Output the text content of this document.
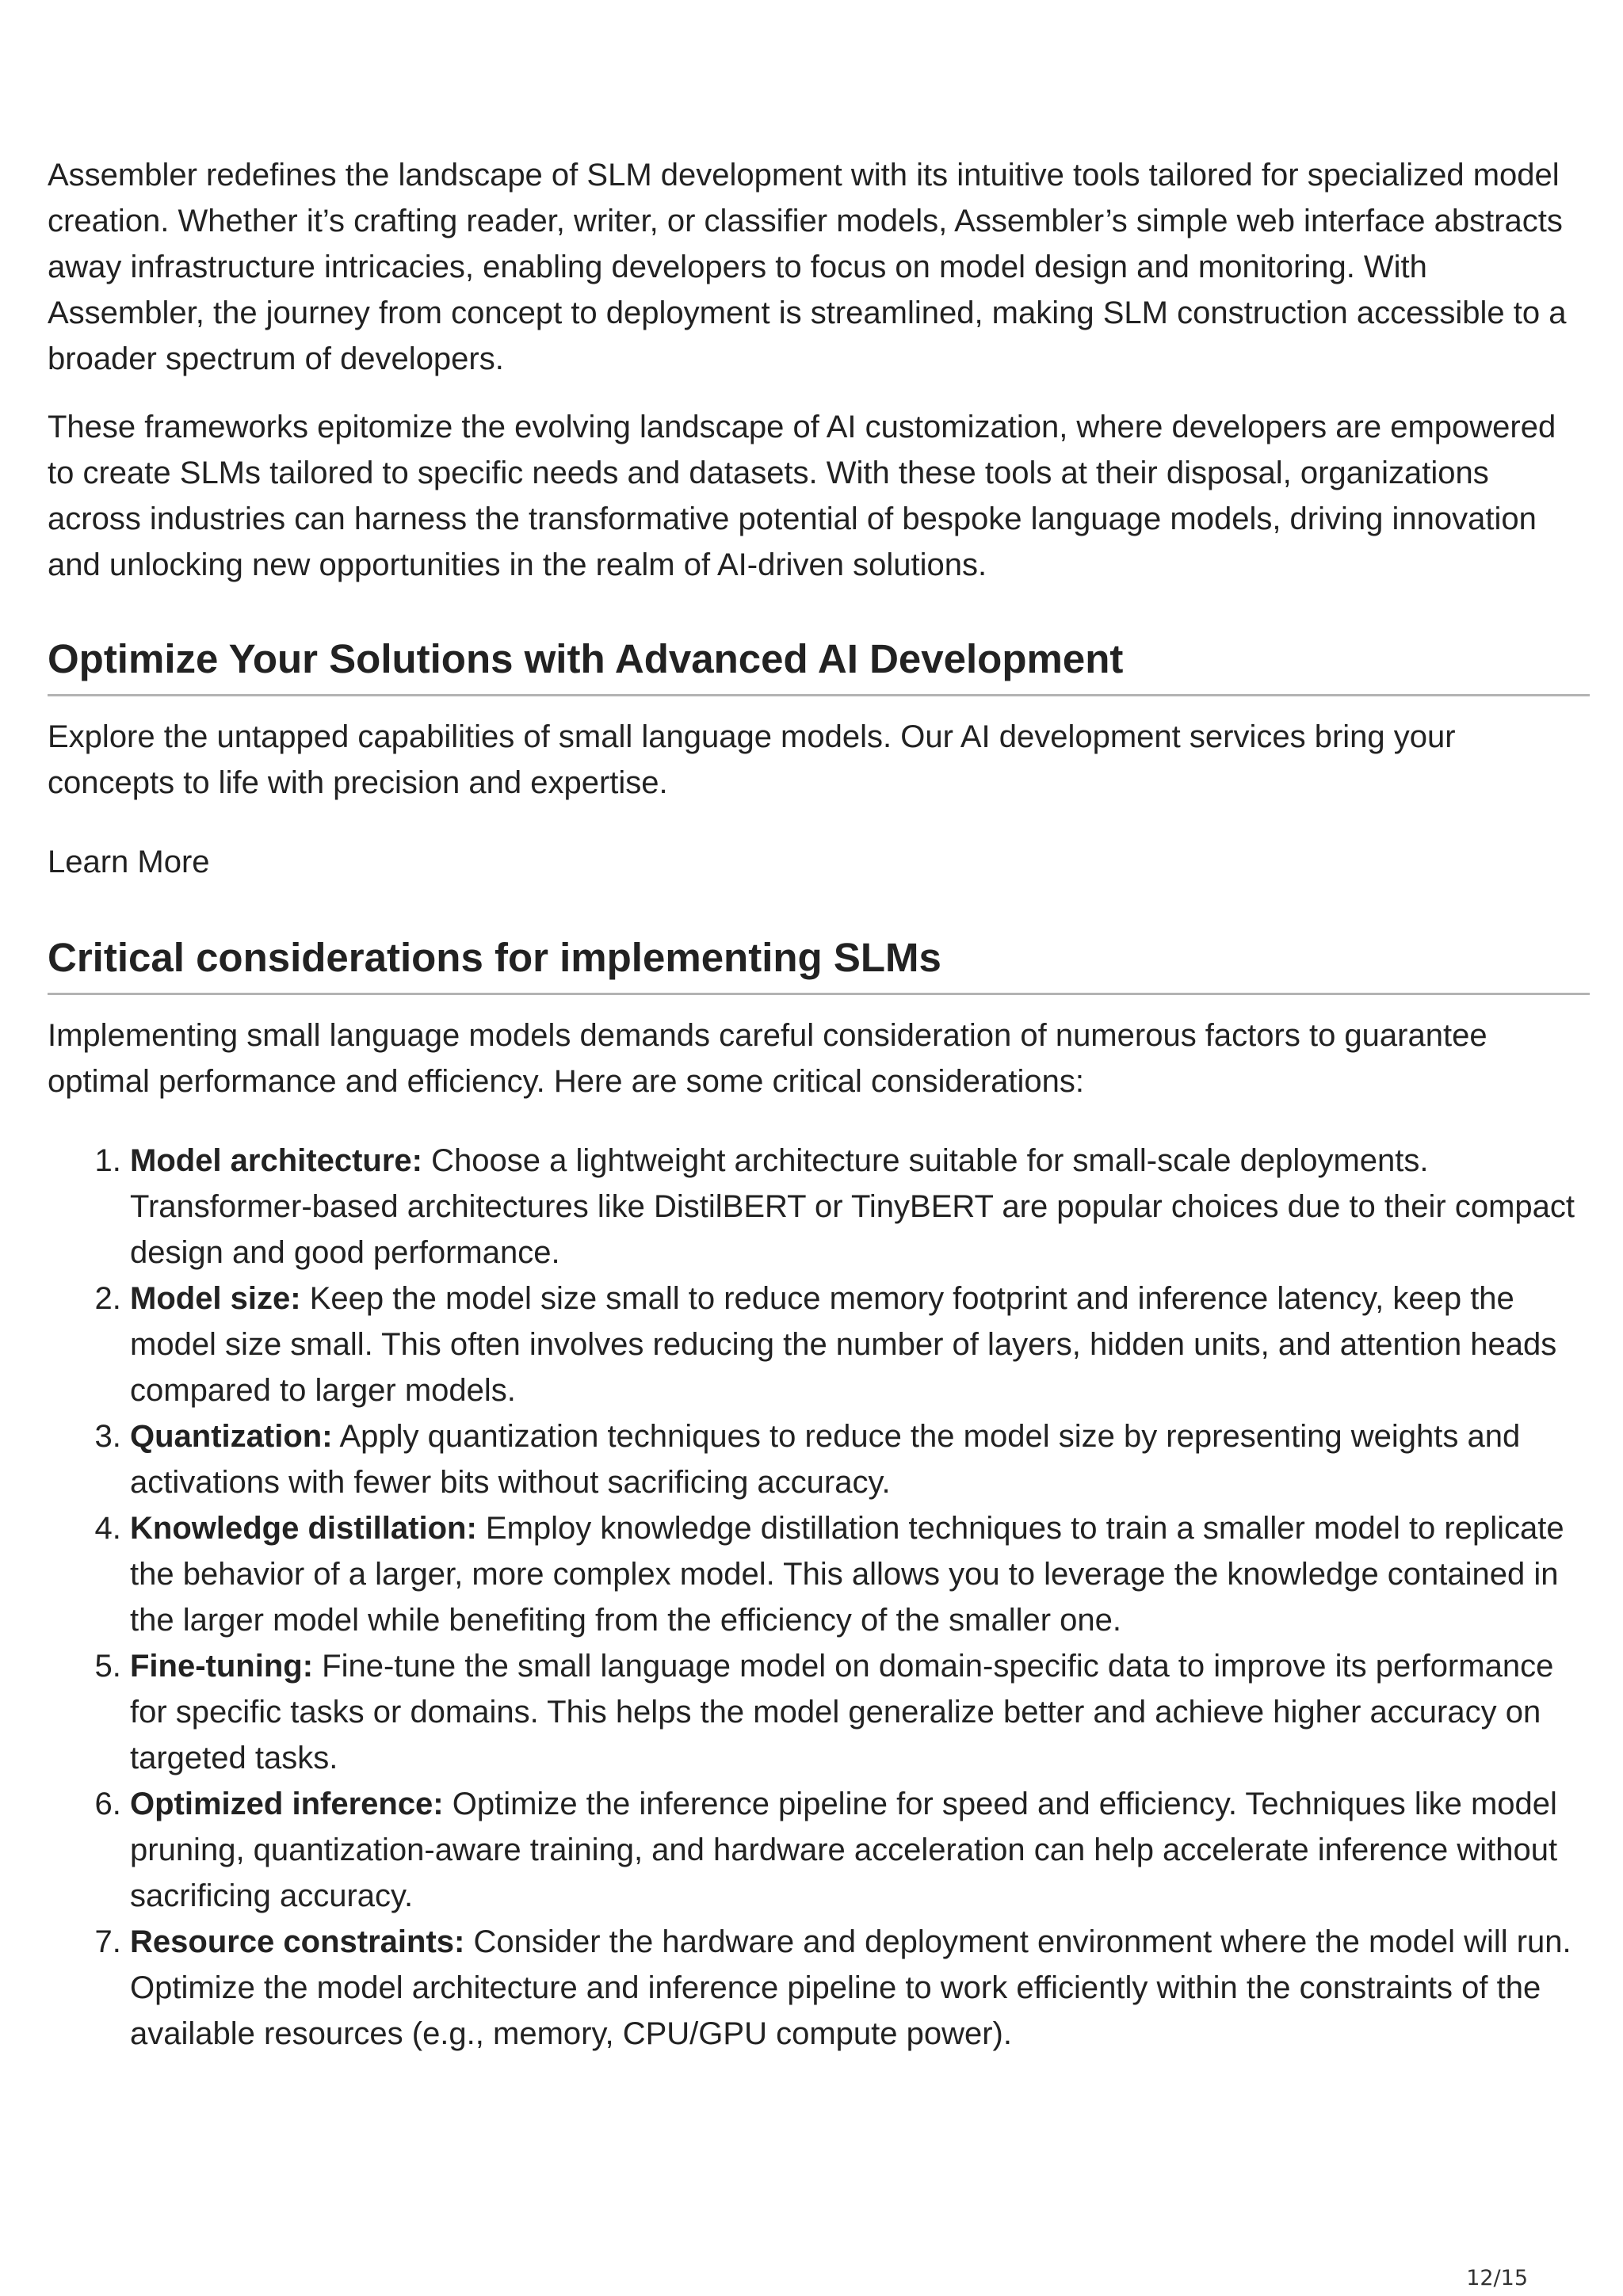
Assembler redefines the landscape of SLM development with its intuitive tools tailored for specialized model creation. Whether it’s crafting reader, writer, or classifier models, Assembler’s simple web interface abstracts away infrastructure intricacies, enabling developers to focus on model design and monitoring. With Assembler, the journey from concept to deployment is streamlined, making SLM construction accessible to a broader spectrum of developers.

These frameworks epitomize the evolving landscape of AI customization, where developers are empowered to create SLMs tailored to specific needs and datasets. With these tools at their disposal, organizations across industries can harness the transformative potential of bespoke language models, driving innovation and unlocking new opportunities in the realm of AI-driven solutions.

Optimize Your Solutions with Advanced AI Development

Explore the untapped capabilities of small language models. Our AI development services bring your concepts to life with precision and expertise.

Learn More
Critical considerations for implementing SLMs

Implementing small language models demands careful consideration of numerous factors to guarantee optimal performance and efficiency. Here are some critical considerations:

1. Model architecture: Choose a lightweight architecture suitable for small-scale deployments. Transformer-based architectures like DistilBERT or TinyBERT are popular choices due to their compact design and good performance.
2. Model size: Keep the model size small to reduce memory footprint and inference latency, keep the model size small. This often involves reducing the number of layers, hidden units, and attention heads compared to larger models.
3. Quantization: Apply quantization techniques to reduce the model size by representing weights and activations with fewer bits without sacrificing accuracy.
4. Knowledge distillation: Employ knowledge distillation techniques to train a smaller model to replicate the behavior of a larger, more complex model. This allows you to leverage the knowledge contained in the larger model while benefiting from the efficiency of the smaller one.
5. Fine-tuning: Fine-tune the small language model on domain-specific data to improve its performance for specific tasks or domains. This helps the model generalize better and achieve higher accuracy on targeted tasks.
6. Optimized inference: Optimize the inference pipeline for speed and efficiency. Techniques like model pruning, quantization-aware training, and hardware acceleration can help accelerate inference without sacrificing accuracy.
7. Resource constraints: Consider the hardware and deployment environment where the model will run. Optimize the model architecture and inference pipeline to work efficiently within the constraints of the available resources (e.g., memory, CPU/GPU compute power).
12/15
